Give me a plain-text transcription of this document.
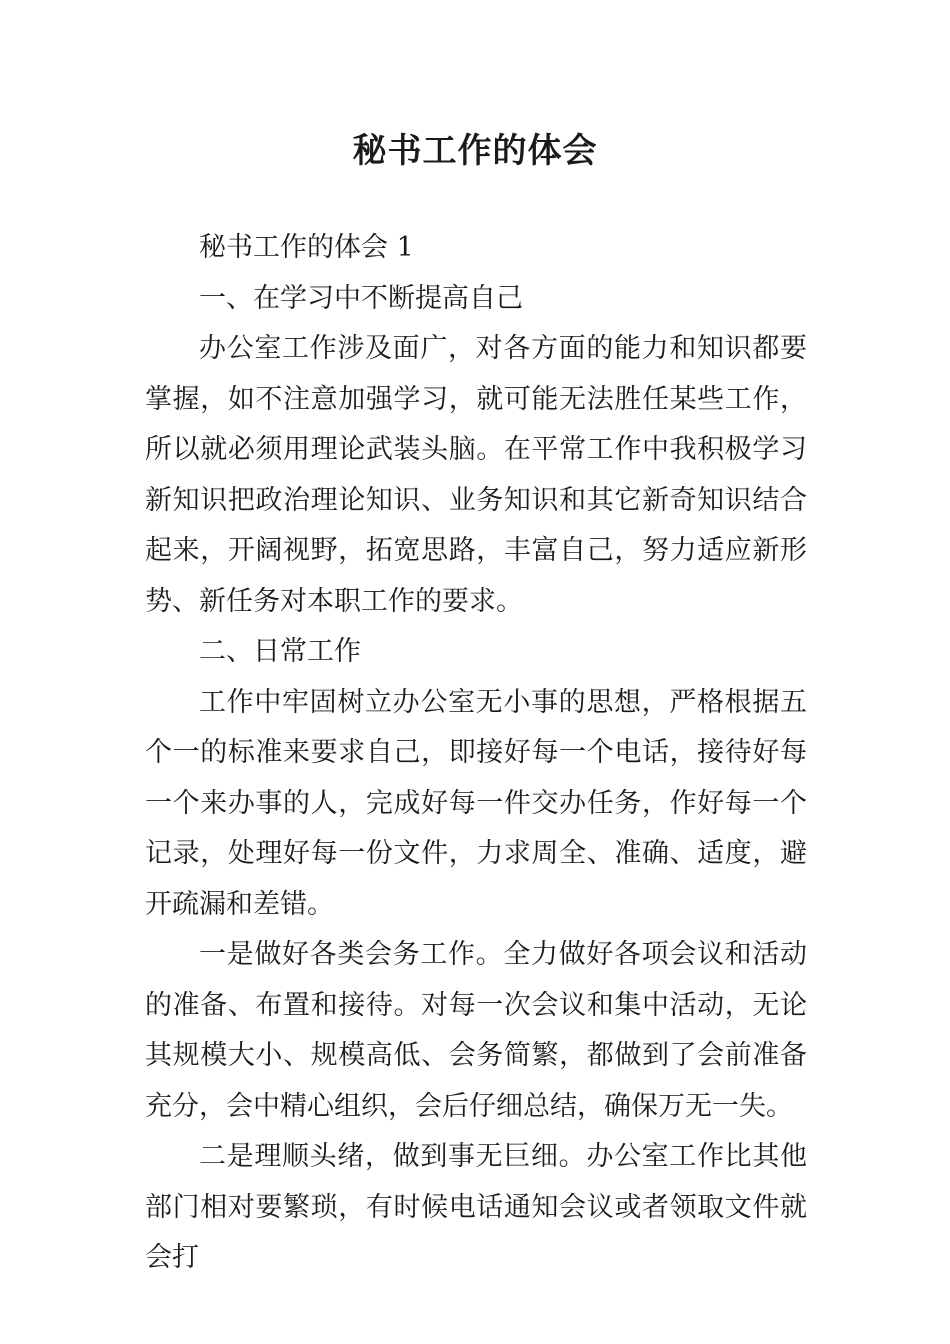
秘书工作的体会

秘书工作的体会 1

一、在学习中不断提高自己

办公室工作涉及面广，对各方面的能力和知识都要掌握，如不注意加强学习，就可能无法胜任某些工作，所以就必须用理论武装头脑。在平常工作中我积极学习新知识把政治理论知识、业务知识和其它新奇知识结合起来，开阔视野，拓宽思路，丰富自己，努力适应新形势、新任务对本职工作的要求。

二、日常工作

工作中牢固树立办公室无小事的思想，严格根据五个一的标准来要求自己，即接好每一个电话，接待好每一个来办事的人，完成好每一件交办任务，作好每一个记录，处理好每一份文件，力求周全、准确、适度，避开疏漏和差错。

一是做好各类会务工作。全力做好各项会议和活动的准备、布置和接待。对每一次会议和集中活动，无论其规模大小、规模高低、会务简繁，都做到了会前准备充分，会中精心组织，会后仔细总结，确保万无一失。

二是理顺头绪，做到事无巨细。办公室工作比其他部门相对要繁琐，有时候电话通知会议或者领取文件就会打
